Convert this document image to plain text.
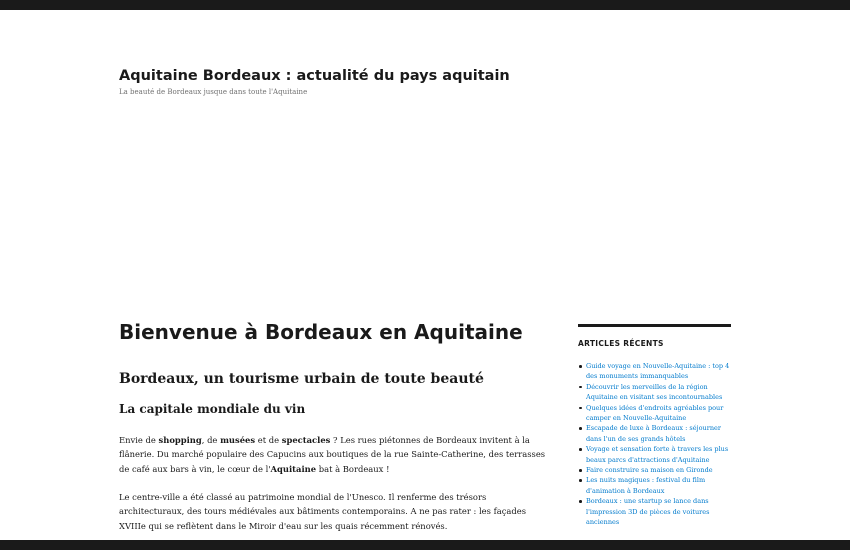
Aquitaine Bordeaux : actualité du pays aquitain
La beauté de Bordeaux jusque dans toute l'Aquitaine
Bienvenue à Bordeaux en Aquitaine
Bordeaux, un tourisme urbain de toute beauté
La capitale mondiale du vin

Envie de shopping, de musées et de spectacles ? Les rues piétonnes de Bordeaux invitent à la flânerie. Du marché populaire des Capucins aux boutiques de la rue Sainte-Catherine, des terrasses de café aux bars à vin, le cœur de l'Aquitaine bat à Bordeaux !

Le centre-ville a été classé au patrimoine mondial de l'Unesco. Il renferme des trésors architecturaux, des tours médiévales aux bâtiments contemporains. A ne pas rater : les façades XVIIIe qui se reflètent dans le Miroir d'eau sur les quais récemment rénovés.

ARTICLES RÉCENTS
Guide voyage en Nouvelle-Aquitaine : top 4 des monuments immanquables
Découvrir les merveilles de la région Aquitaine en visitant ses incontournables
Quelques idées d'endroits agréables pour camper en Nouvelle-Aquitaine
Escapade de luxe à Bordeaux : séjourner dans l'un de ses grands hôtels
Voyage et sensation forte à travers les plus beaux parcs d'attractions d'Aquitaine
Faire construire sa maison en Gironde
Les nuits magiques : festival du film d'animation à Bordeaux
Bordeaux : une startup se lance dans l'impression 3D de pièces de voitures anciennes
